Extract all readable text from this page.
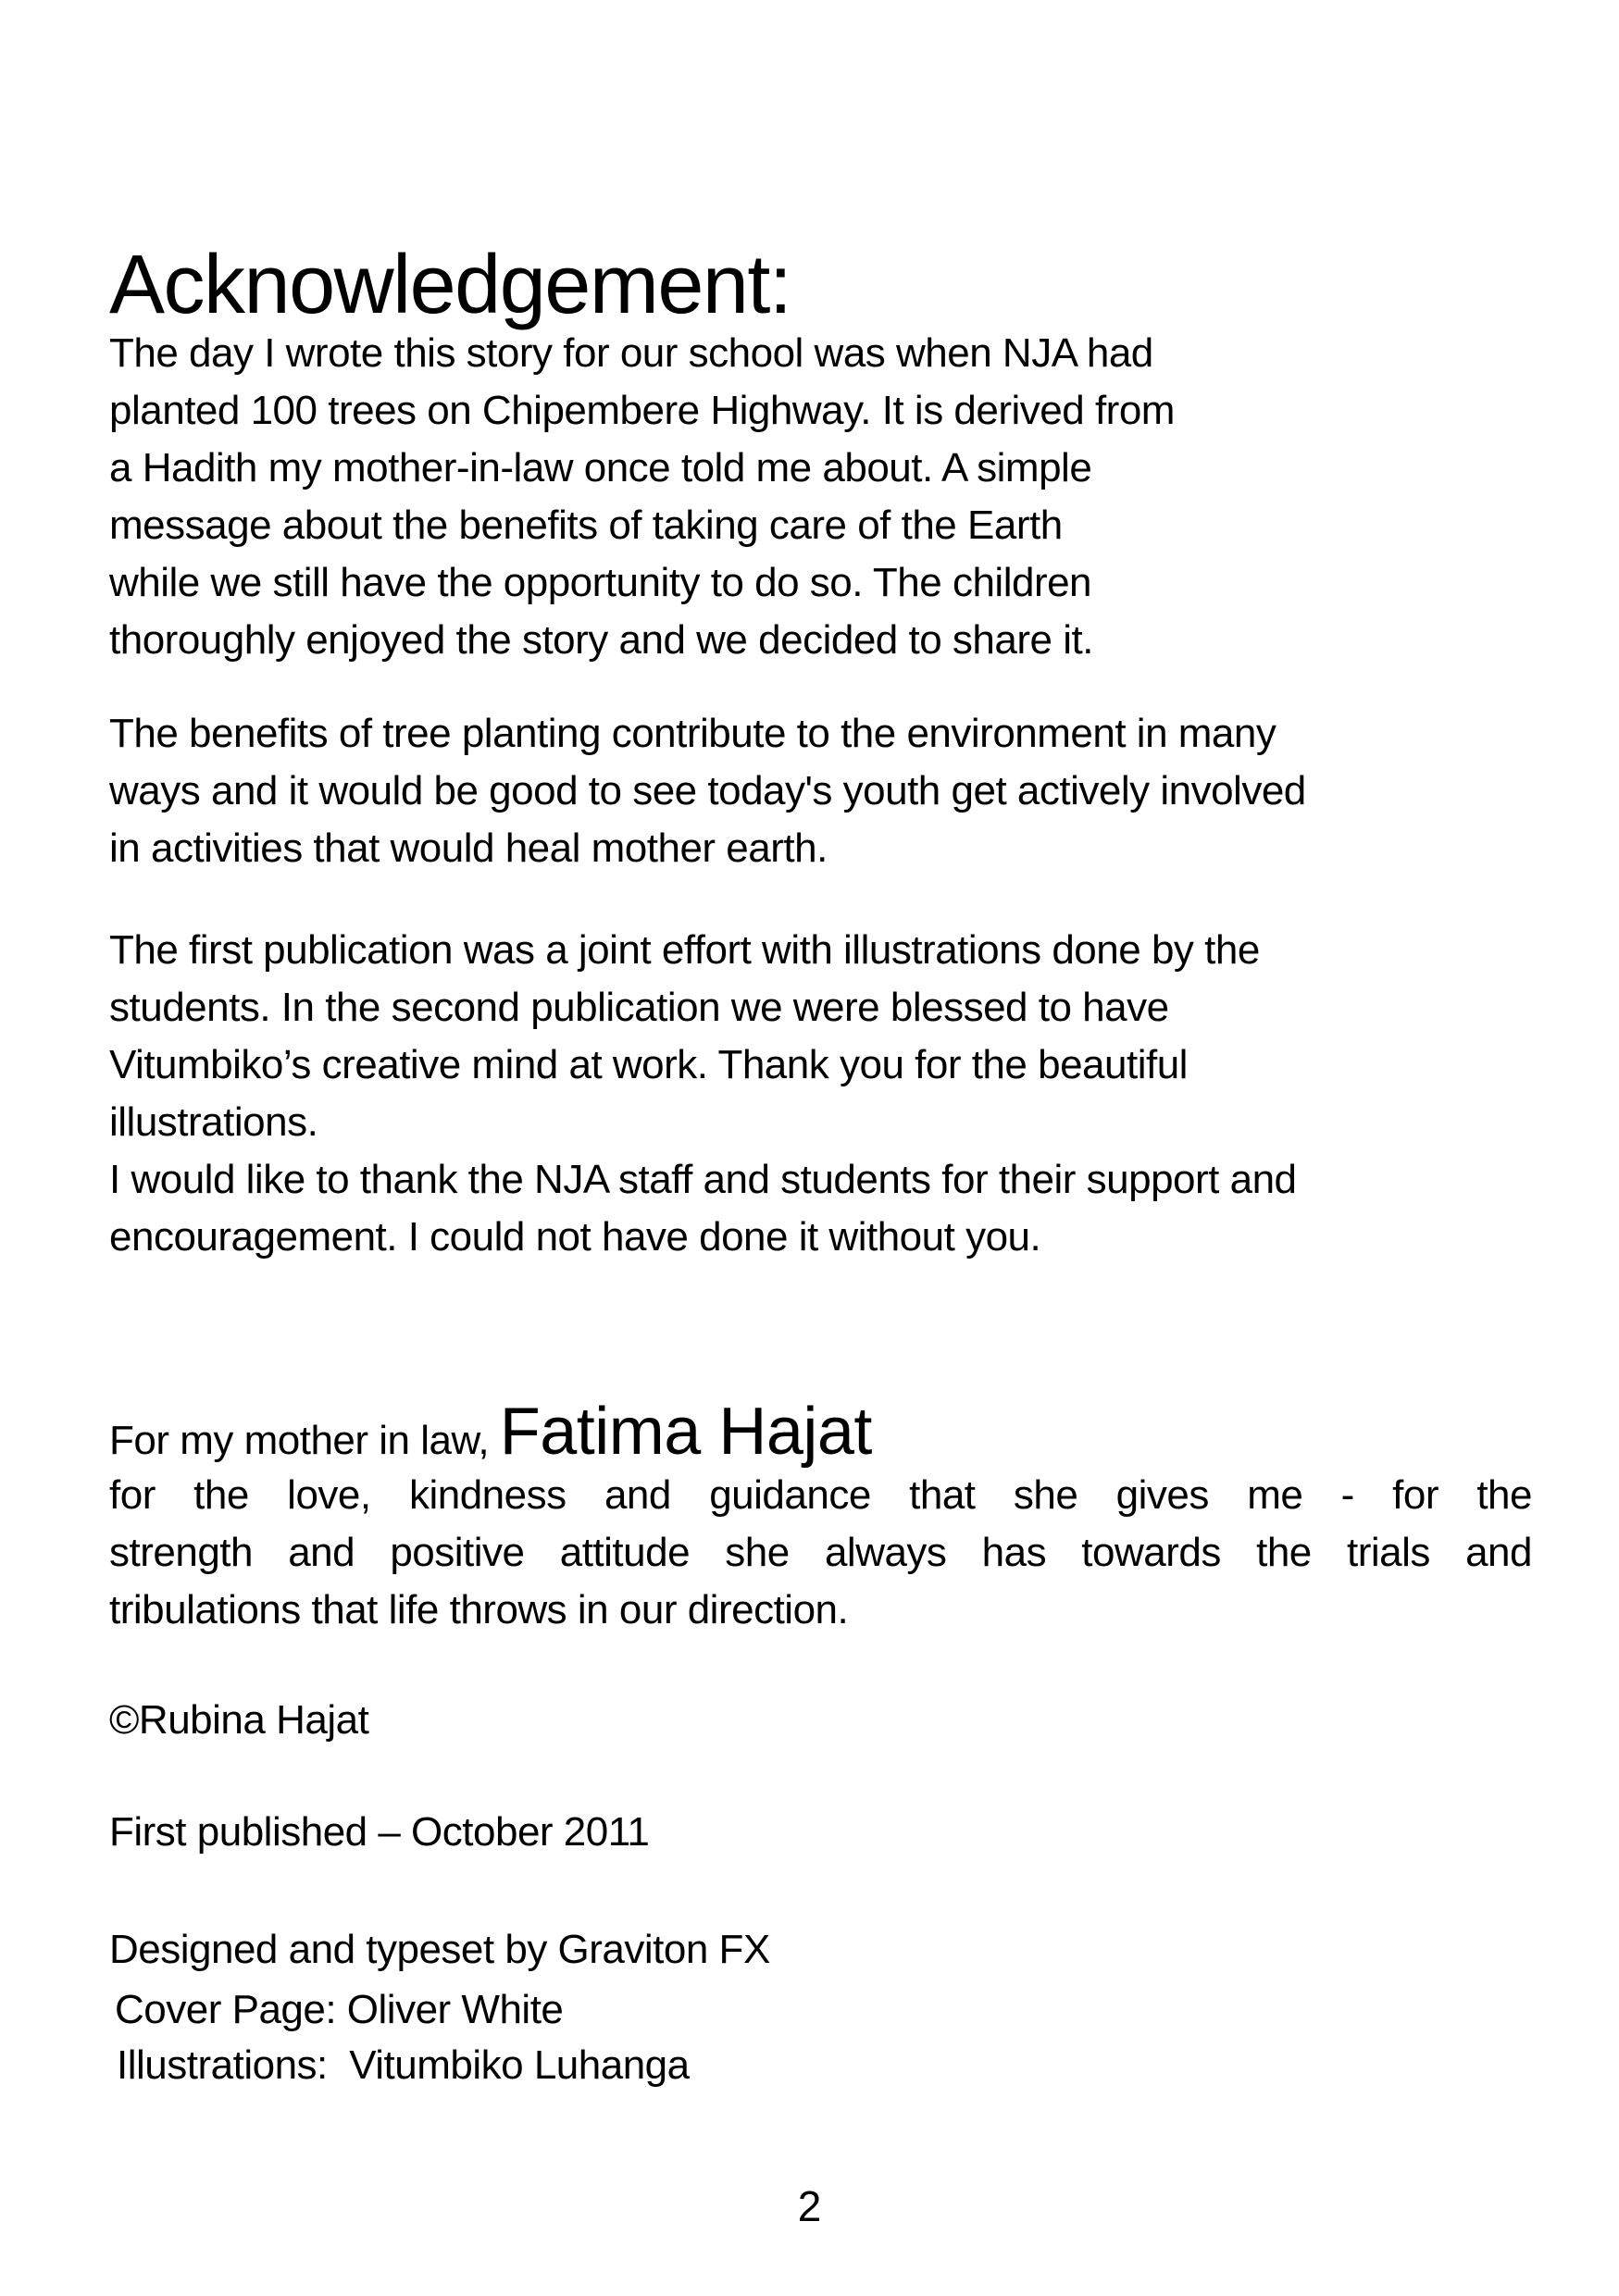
Acknowledgement:
The day I wrote this story for our school was when NJA had
planted 100 trees on Chipembere Highway. It is derived from
a Hadith my mother-in-law once told me about. A simple
message about the benefits of taking care of the Earth
while we still have the opportunity to do so. The children
thoroughly enjoyed the story and we decided to share it.
The benefits of tree planting contribute to the environment in many
ways and it would be good to see today's youth get actively involved
in activities that would heal mother earth.
The first publication was a joint effort with illustrations done by the
students. In the second publication we were blessed to have
Vitumbiko’s creative mind at work. Thank you for the beautiful
illustrations.
I would like to thank the NJA staff and students for their support and
encouragement. I could not have done it without you.
For my mother in law, Fatima Hajat
for the love, kindness and guidance that she gives me - for the
strength and positive attitude she always has towards the trials and
tribulations that life throws in our direction.
©Rubina Hajat
First published – October 2011
Designed and typeset by Graviton FX
Cover Page: Oliver White
Illustrations:  Vitumbiko Luhanga
2
